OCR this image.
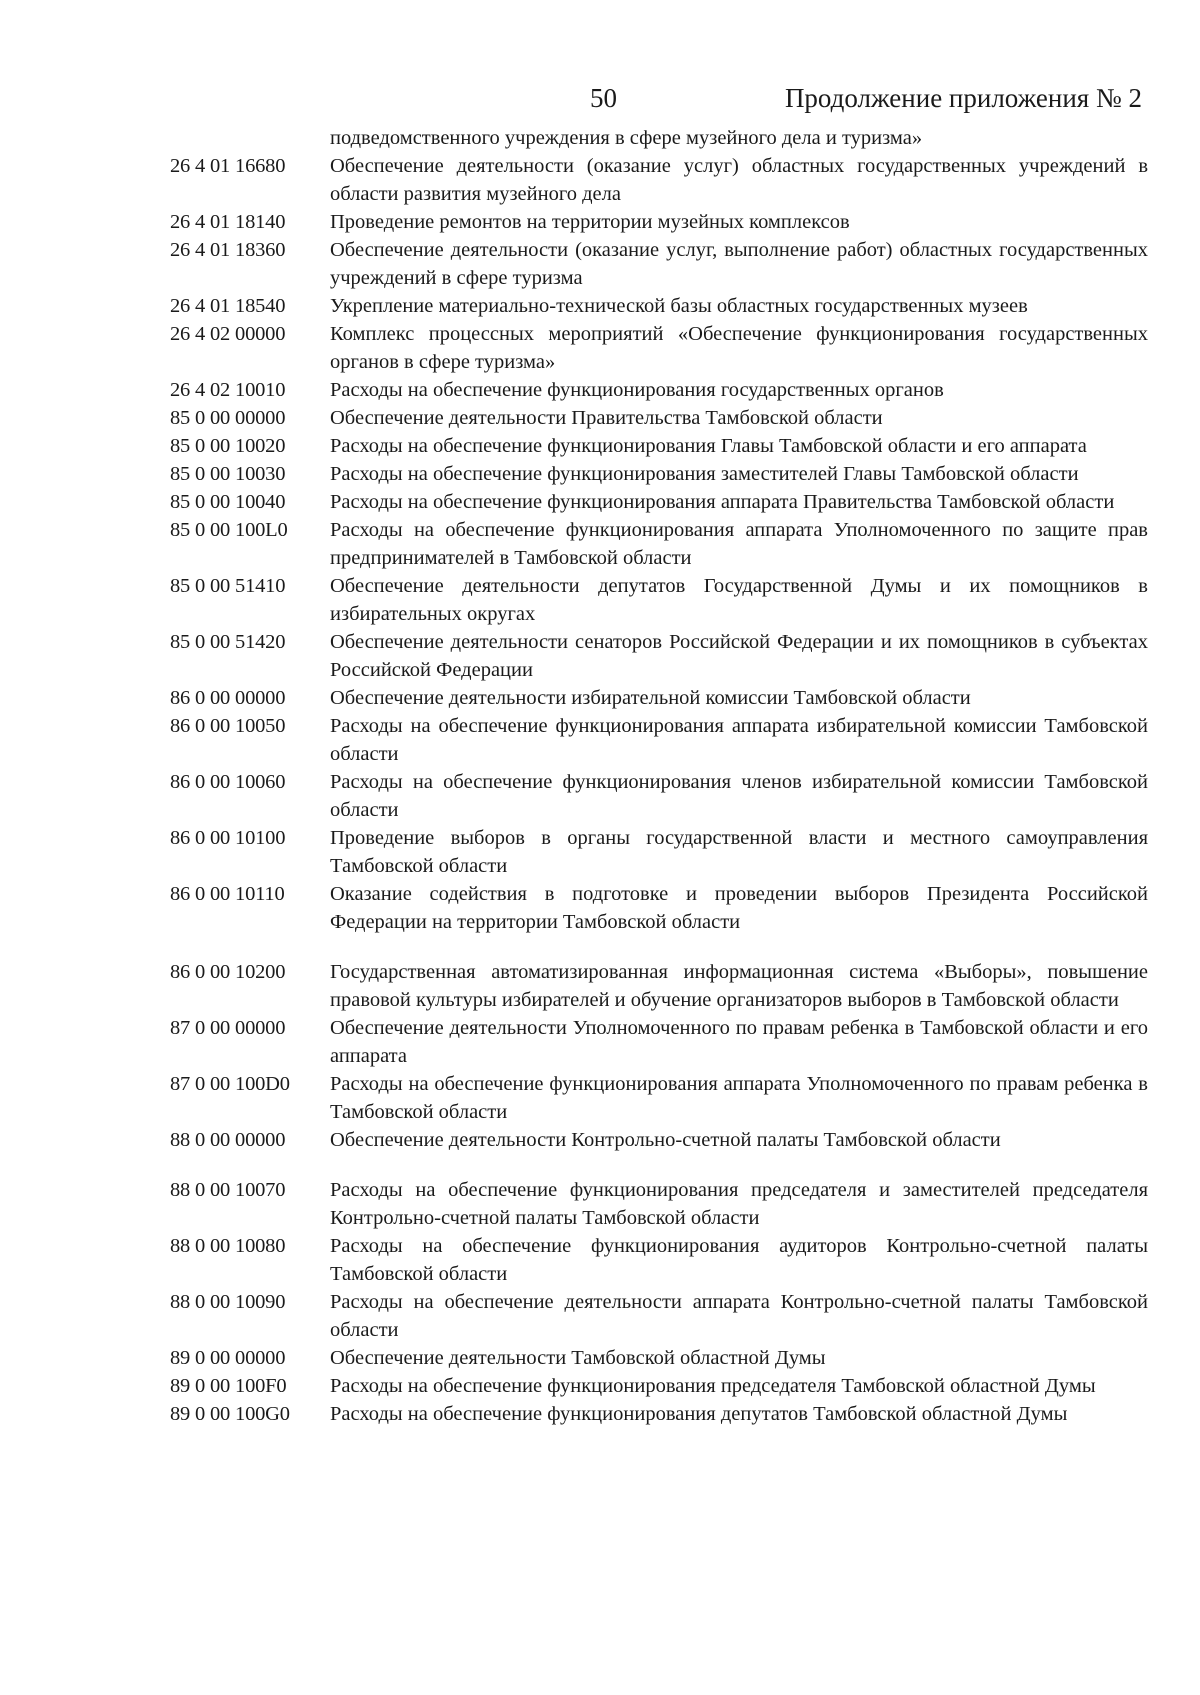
50	Продолжение приложения № 2
подведомственного учреждения в сфере музейного дела и туризма»
26 4 01 16680	Обеспечение деятельности (оказание услуг) областных государственных учреждений в области развития музейного дела
26 4 01 18140	Проведение ремонтов на территории музейных комплексов
26 4 01 18360	Обеспечение деятельности (оказание услуг, выполнение работ) областных государственных учреждений в сфере туризма
26 4 01 18540	Укрепление материально-технической базы областных государственных музеев
26 4 02 00000	Комплекс процессных мероприятий «Обеспечение функционирования государственных органов в сфере туризма»
26 4 02 10010	Расходы на обеспечение функционирования государственных органов
85 0 00 00000	Обеспечение деятельности Правительства Тамбовской области
85 0 00 10020	Расходы на обеспечение функционирования Главы Тамбовской области и его аппарата
85 0 00 10030	Расходы на обеспечение функционирования заместителей Главы Тамбовской области
85 0 00 10040	Расходы на обеспечение функционирования аппарата Правительства Тамбовской области
85 0 00 100L0	Расходы на обеспечение функционирования аппарата Уполномоченного по защите прав предпринимателей в Тамбовской области
85 0 00 51410	Обеспечение деятельности депутатов Государственной Думы и их помощников в избирательных округах
85 0 00 51420	Обеспечение деятельности сенаторов Российской Федерации и их помощников в субъектах Российской Федерации
86 0 00 00000	Обеспечение деятельности избирательной комиссии Тамбовской области
86 0 00 10050	Расходы на обеспечение функционирования аппарата избирательной комиссии Тамбовской области
86 0 00 10060	Расходы на обеспечение функционирования членов избирательной комиссии Тамбовской области
86 0 00 10100	Проведение выборов в органы государственной власти и местного самоуправления Тамбовской области
86 0 00 10110	Оказание содействия в подготовке и проведении выборов Президента Российской Федерации на территории Тамбовской области
86 0 00 10200	Государственная автоматизированная информационная система «Выборы», повышение правовой культуры избирателей и обучение организаторов выборов в Тамбовской области
87 0 00 00000	Обеспечение деятельности Уполномоченного по правам ребенка в Тамбовской области и его аппарата
87 0 00 100D0	Расходы на обеспечение функционирования аппарата Уполномоченного по правам ребенка в Тамбовской области
88 0 00 00000	Обеспечение деятельности Контрольно-счетной палаты Тамбовской области
88 0 00 10070	Расходы на обеспечение функционирования председателя и заместителей председателя Контрольно-счетной палаты Тамбовской области
88 0 00 10080	Расходы на обеспечение функционирования аудиторов Контрольно-счетной палаты Тамбовской области
88 0 00 10090	Расходы на обеспечение деятельности аппарата Контрольно-счетной палаты Тамбовской области
89 0 00 00000	Обеспечение деятельности Тамбовской областной Думы
89 0 00 100F0	Расходы на обеспечение функционирования председателя Тамбовской областной Думы
89 0 00 100G0	Расходы на обеспечение функционирования депутатов Тамбовской областной Думы
